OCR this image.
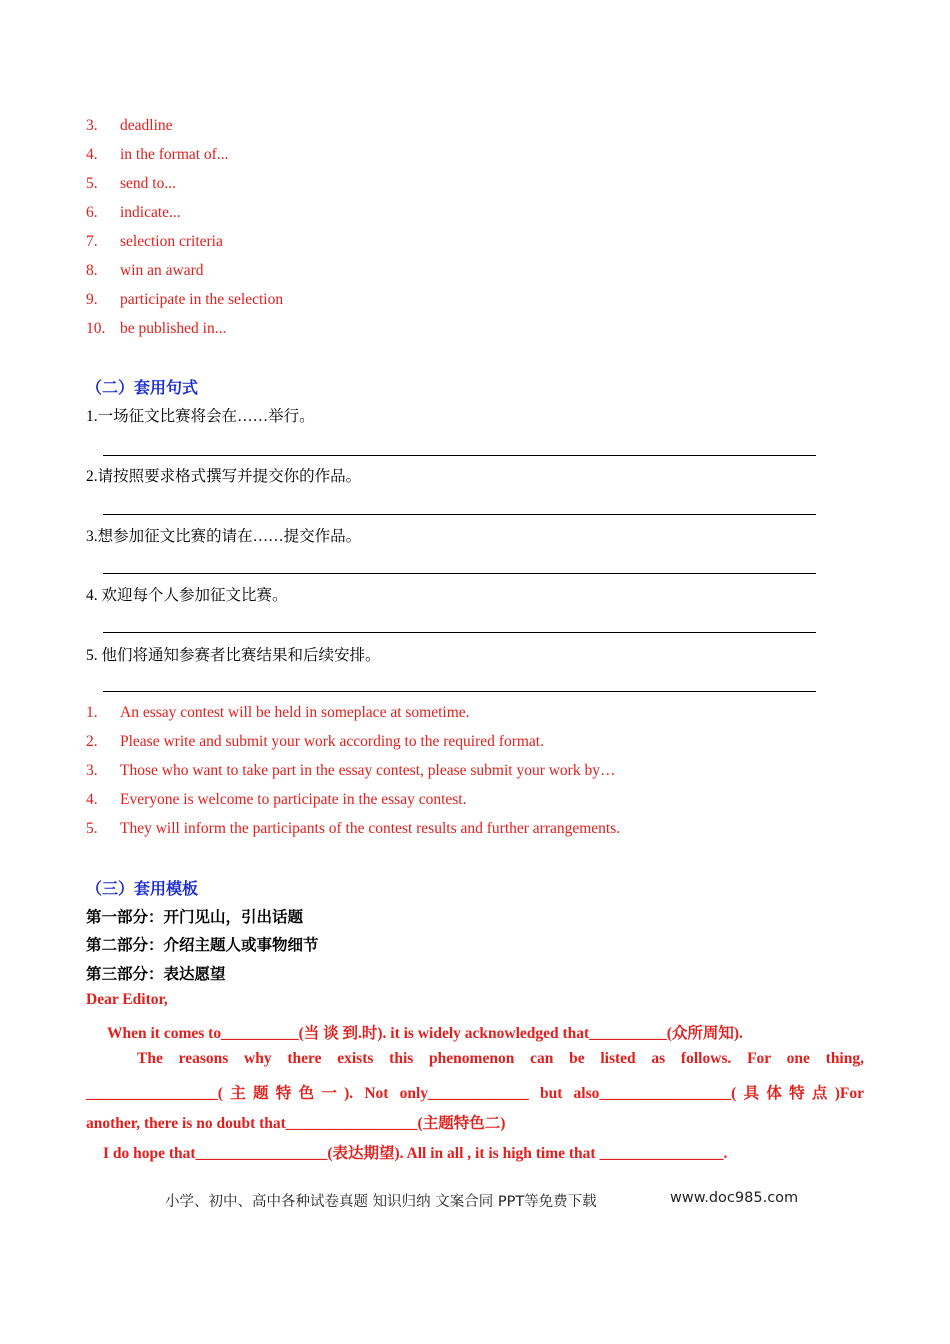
3. deadline
4. in the format of...
5. send to...
6. indicate...
7. selection criteria
8. win an award
9. participate in the selection
10. be published in...
（二）套用句式
1.一场征文比赛将会在……举行。
2.请按照要求格式撰写并提交你的作品。
3.想参加征文比赛的请在……提交作品。
4. 欢迎每个人参加征文比赛。
5. 他们将通知参赛者比赛结果和后续安排。
1. An essay contest will be held in someplace at sometime.
2. Please write and submit your work according to the required format.
3. Those who want to take part in the essay contest, please submit your work by…
4. Everyone is welcome to participate in the essay contest.
5. They will inform the participants of the contest results and further arrangements.
（三）套用模板
第一部分：开门见山，引出话题
第二部分：介绍主题人或事物细节
第三部分：表达愿望
Dear Editor,
When it comes to__________(当 谈 到.时). it is widely acknowledged that__________(众所周知).
The reasons why there exists this phenomenon can be listed as follows. For one thing,
_________________(主题特色一). Not only_____________ but also_________________(具体特点)For
another, there is no doubt that_________________(主题特色二)
I do hope that_________________(表达期望). All in all , it is high time that ________________.
小学、初中、高中各种试卷真题 知识归纳 文案合同 PPT等免费下载	www.doc985.com
